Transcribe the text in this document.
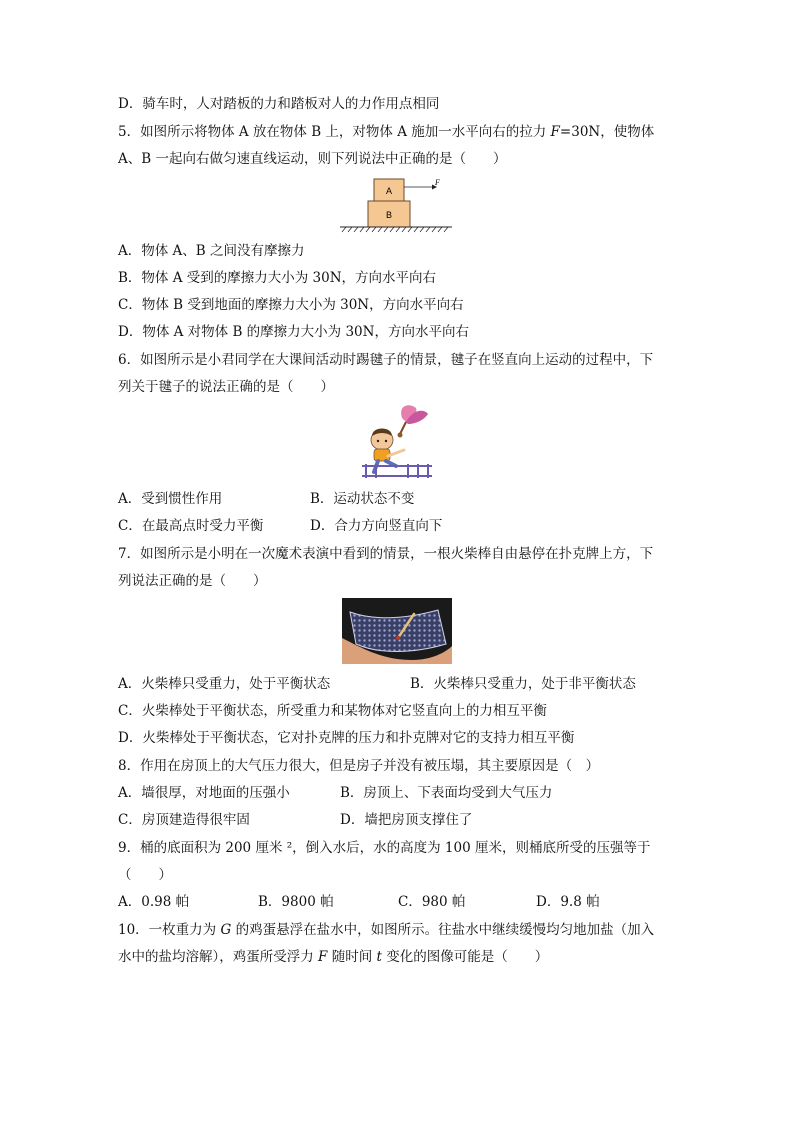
D．骑车时，人对踏板的力和踏板对人的力作用点相同
5．如图所示将物体 A 放在物体 B 上，对物体 A 施加一水平向右的拉力 F=30N，使物体
A、B 一起向右做匀速直线运动，则下列说法中正确的是（　　）
A
B
F
A．物体 A、B 之间没有摩擦力
B．物体 A 受到的摩擦力大小为 30N，方向水平向右
C．物体 B 受到地面的摩擦力大小为 30N，方向水平向右
D．物体 A 对物体 B 的摩擦力大小为 30N，方向水平向右
6．如图所示是小君同学在大课间活动时踢毽子的情景，毽子在竖直向上运动的过程中，下
列关于毽子的说法正确的是（　　）
A．受到惯性作用	B．运动状态不变
C．在最高点时受力平衡	D．合力方向竖直向下
7．如图所示是小明在一次魔术表演中看到的情景，一根火柴棒自由悬停在扑克牌上方，下
列说法正确的是（　　）
A．火柴棒只受重力，处于平衡状态	B．火柴棒只受重力，处于非平衡状态
C．火柴棒处于平衡状态，所受重力和某物体对它竖直向上的力相互平衡
D．火柴棒处于平衡状态，它对扑克牌的压力和扑克牌对它的支持力相互平衡
8．作用在房顶上的大气压力很大，但是房子并没有被压塌，其主要原因是（　）
A．墙很厚，对地面的压强小	B．房顶上、下表面均受到大气压力
C．房顶建造得很牢固	D．墙把房顶支撑住了
9．桶的底面积为 200 厘米 ²，倒入水后，水的高度为 100 厘米，则桶底所受的压强等于
（　　）
A．0.98 帕	B．9800 帕	C．980 帕	D．9.8 帕
10．一枚重力为 G 的鸡蛋悬浮在盐水中，如图所示。往盐水中继续缓慢均匀地加盐（加入
水中的盐均溶解），鸡蛋所受浮力 F 随时间 t 变化的图像可能是（　　）
